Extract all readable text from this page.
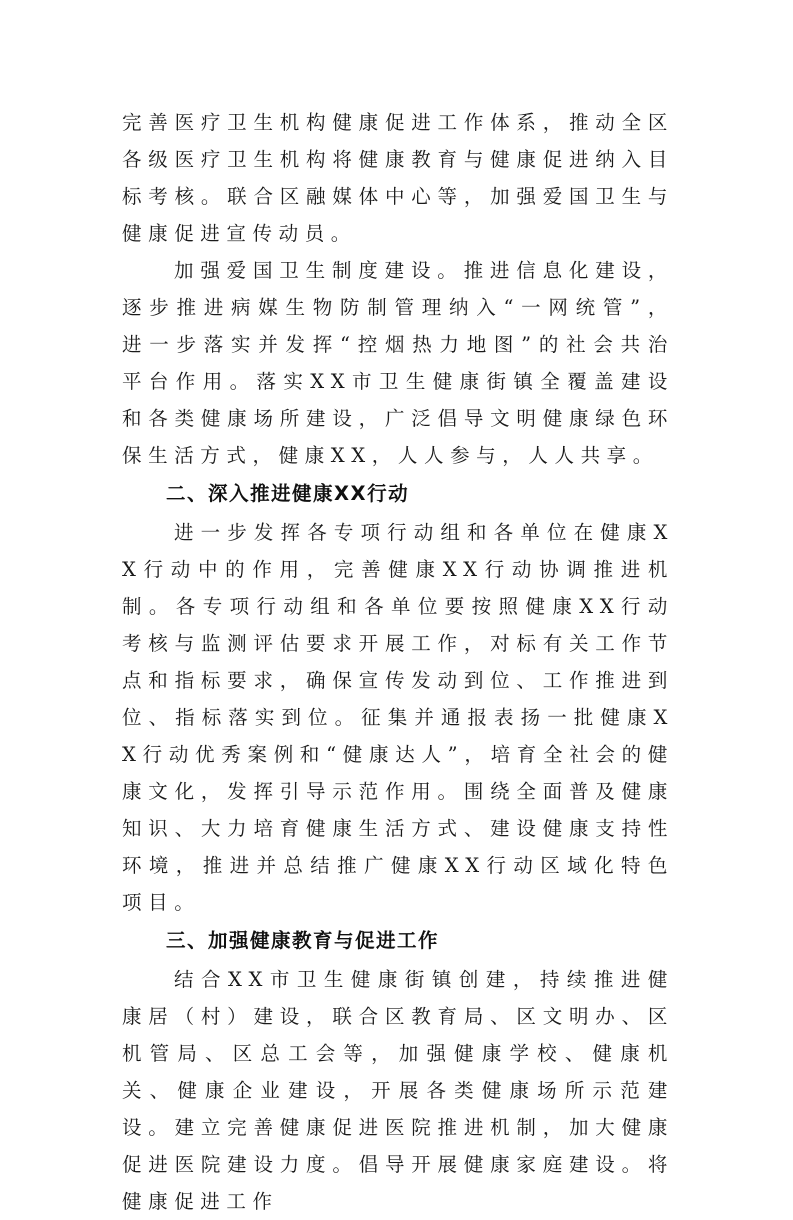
完善医疗卫生机构健康促进工作体系，推动全区各级医疗卫生机构将健康教育与健康促进纳入目标考核。联合区融媒体中心等，加强爱国卫生与健康促进宣传动员。

加强爱国卫生制度建设。推进信息化建设，逐步推进病媒生物防制管理纳入“一网统管”，进一步落实并发挥“控烟热力地图”的社会共治平台作用。落实XX市卫生健康街镇全覆盖建设和各类健康场所建设，广泛倡导文明健康绿色环保生活方式，健康XX，人人参与，人人共享。

二、深入推进健康XX行动

进一步发挥各专项行动组和各单位在健康XX行动中的作用，完善健康XX行动协调推进机制。各专项行动组和各单位要按照健康XX行动考核与监测评估要求开展工作，对标有关工作节点和指标要求，确保宣传发动到位、工作推进到位、指标落实到位。征集并通报表扬一批健康XX行动优秀案例和“健康达人”，培育全社会的健康文化，发挥引导示范作用。围绕全面普及健康知识、大力培育健康生活方式、建设健康支持性环境，推进并总结推广健康XX行动区域化特色项目。

三、加强健康教育与促进工作

结合XX市卫生健康街镇创建，持续推进健康居（村）建设，联合区教育局、区文明办、区机管局、区总工会等，加强健康学校、健康机关、健康企业建设，开展各类健康场所示范建设。建立完善健康促进医院推进机制，加大健康促进医院建设力度。倡导开展健康家庭建设。将健康促进工作
